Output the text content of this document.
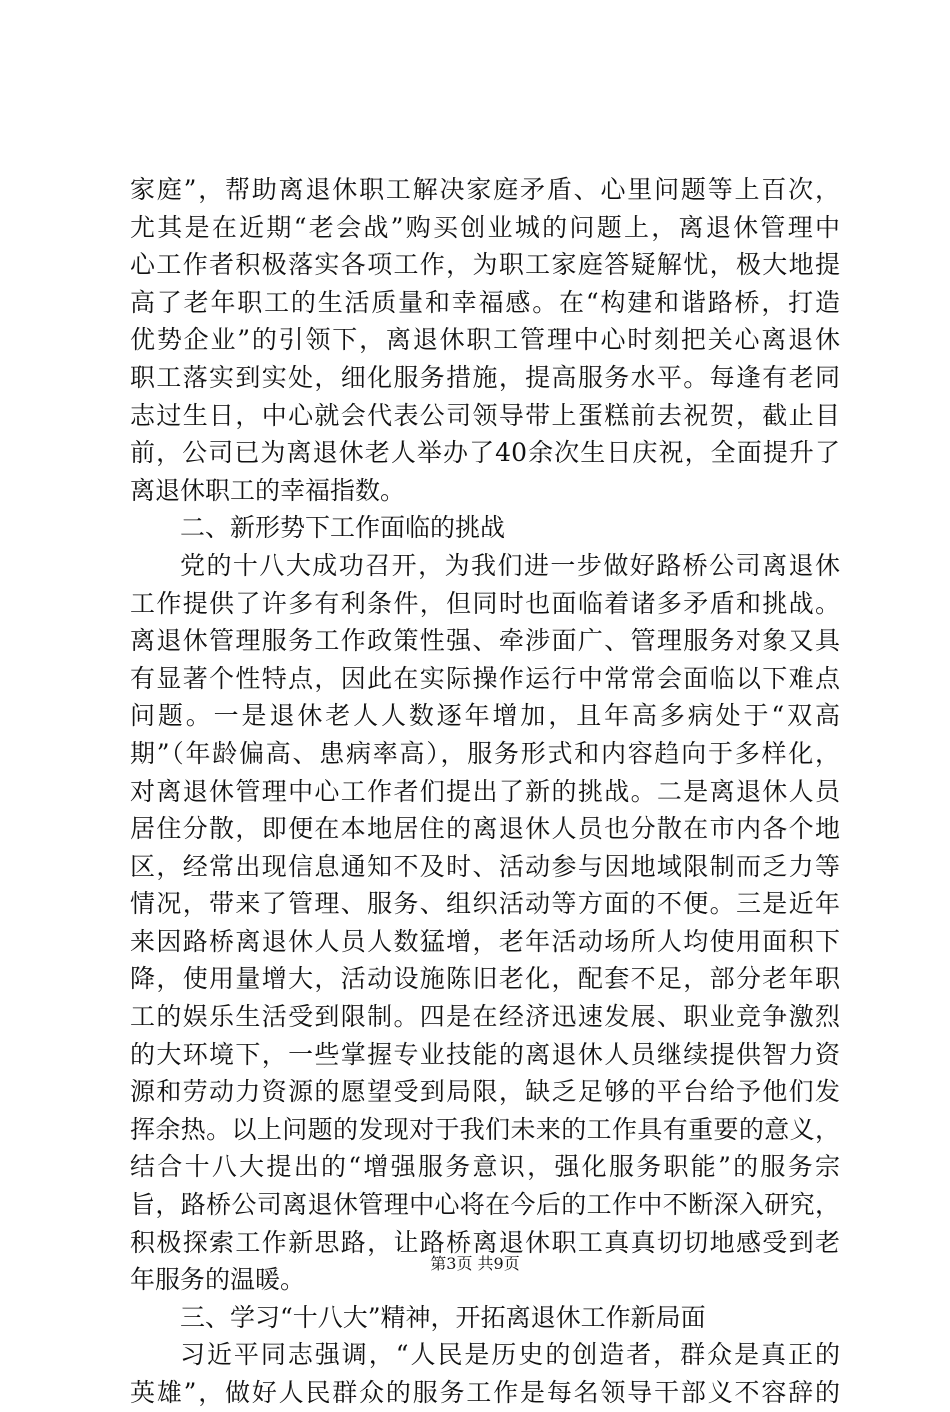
家庭”，帮助离退休职工解决家庭矛盾、心里问题等上百次，
尤其是在近期“老会战”购买创业城的问题上，离退休管理中
心工作者积极落实各项工作，为职工家庭答疑解忧，极大地提
高了老年职工的生活质量和幸福感。在“构建和谐路桥，打造
优势企业”的引领下，离退休职工管理中心时刻把关心离退休
职工落实到实处，细化服务措施，提高服务水平。每逢有老同
志过生日，中心就会代表公司领导带上蛋糕前去祝贺，截止目
前，公司已为离退休老人举办了40余次生日庆祝，全面提升了
离退休职工的幸福指数。
二、新形势下工作面临的挑战
党的十八大成功召开，为我们进一步做好路桥公司离退休
工作提供了许多有利条件，但同时也面临着诸多矛盾和挑战。
离退休管理服务工作政策性强、牵涉面广、管理服务对象又具
有显著个性特点，因此在实际操作运行中常常会面临以下难点
问题。一是退休老人人数逐年增加，且年高多病处于“双高
期”（年龄偏高、患病率高），服务形式和内容趋向于多样化，
对离退休管理中心工作者们提出了新的挑战。二是离退休人员
居住分散，即便在本地居住的离退休人员也分散在市内各个地
区，经常出现信息通知不及时、活动参与因地域限制而乏力等
情况，带来了管理、服务、组织活动等方面的不便。三是近年
来因路桥离退休人员人数猛增，老年活动场所人均使用面积下
降，使用量增大，活动设施陈旧老化，配套不足，部分老年职
工的娱乐生活受到限制。四是在经济迅速发展、职业竞争激烈
的大环境下，一些掌握专业技能的离退休人员继续提供智力资
源和劳动力资源的愿望受到局限，缺乏足够的平台给予他们发
挥余热。以上问题的发现对于我们未来的工作具有重要的意义，
结合十八大提出的“增强服务意识，强化服务职能”的服务宗
旨，路桥公司离退休管理中心将在今后的工作中不断深入研究，
积极探索工作新思路，让路桥离退休职工真真切切地感受到老
年服务的温暖。
三、学习“十八大”精神，开拓离退休工作新局面
习近平同志强调，“人民是历史的创造者，群众是真正的
英雄”，做好人民群众的服务工作是每名领导干部义不容辞的
第3页 共9页
